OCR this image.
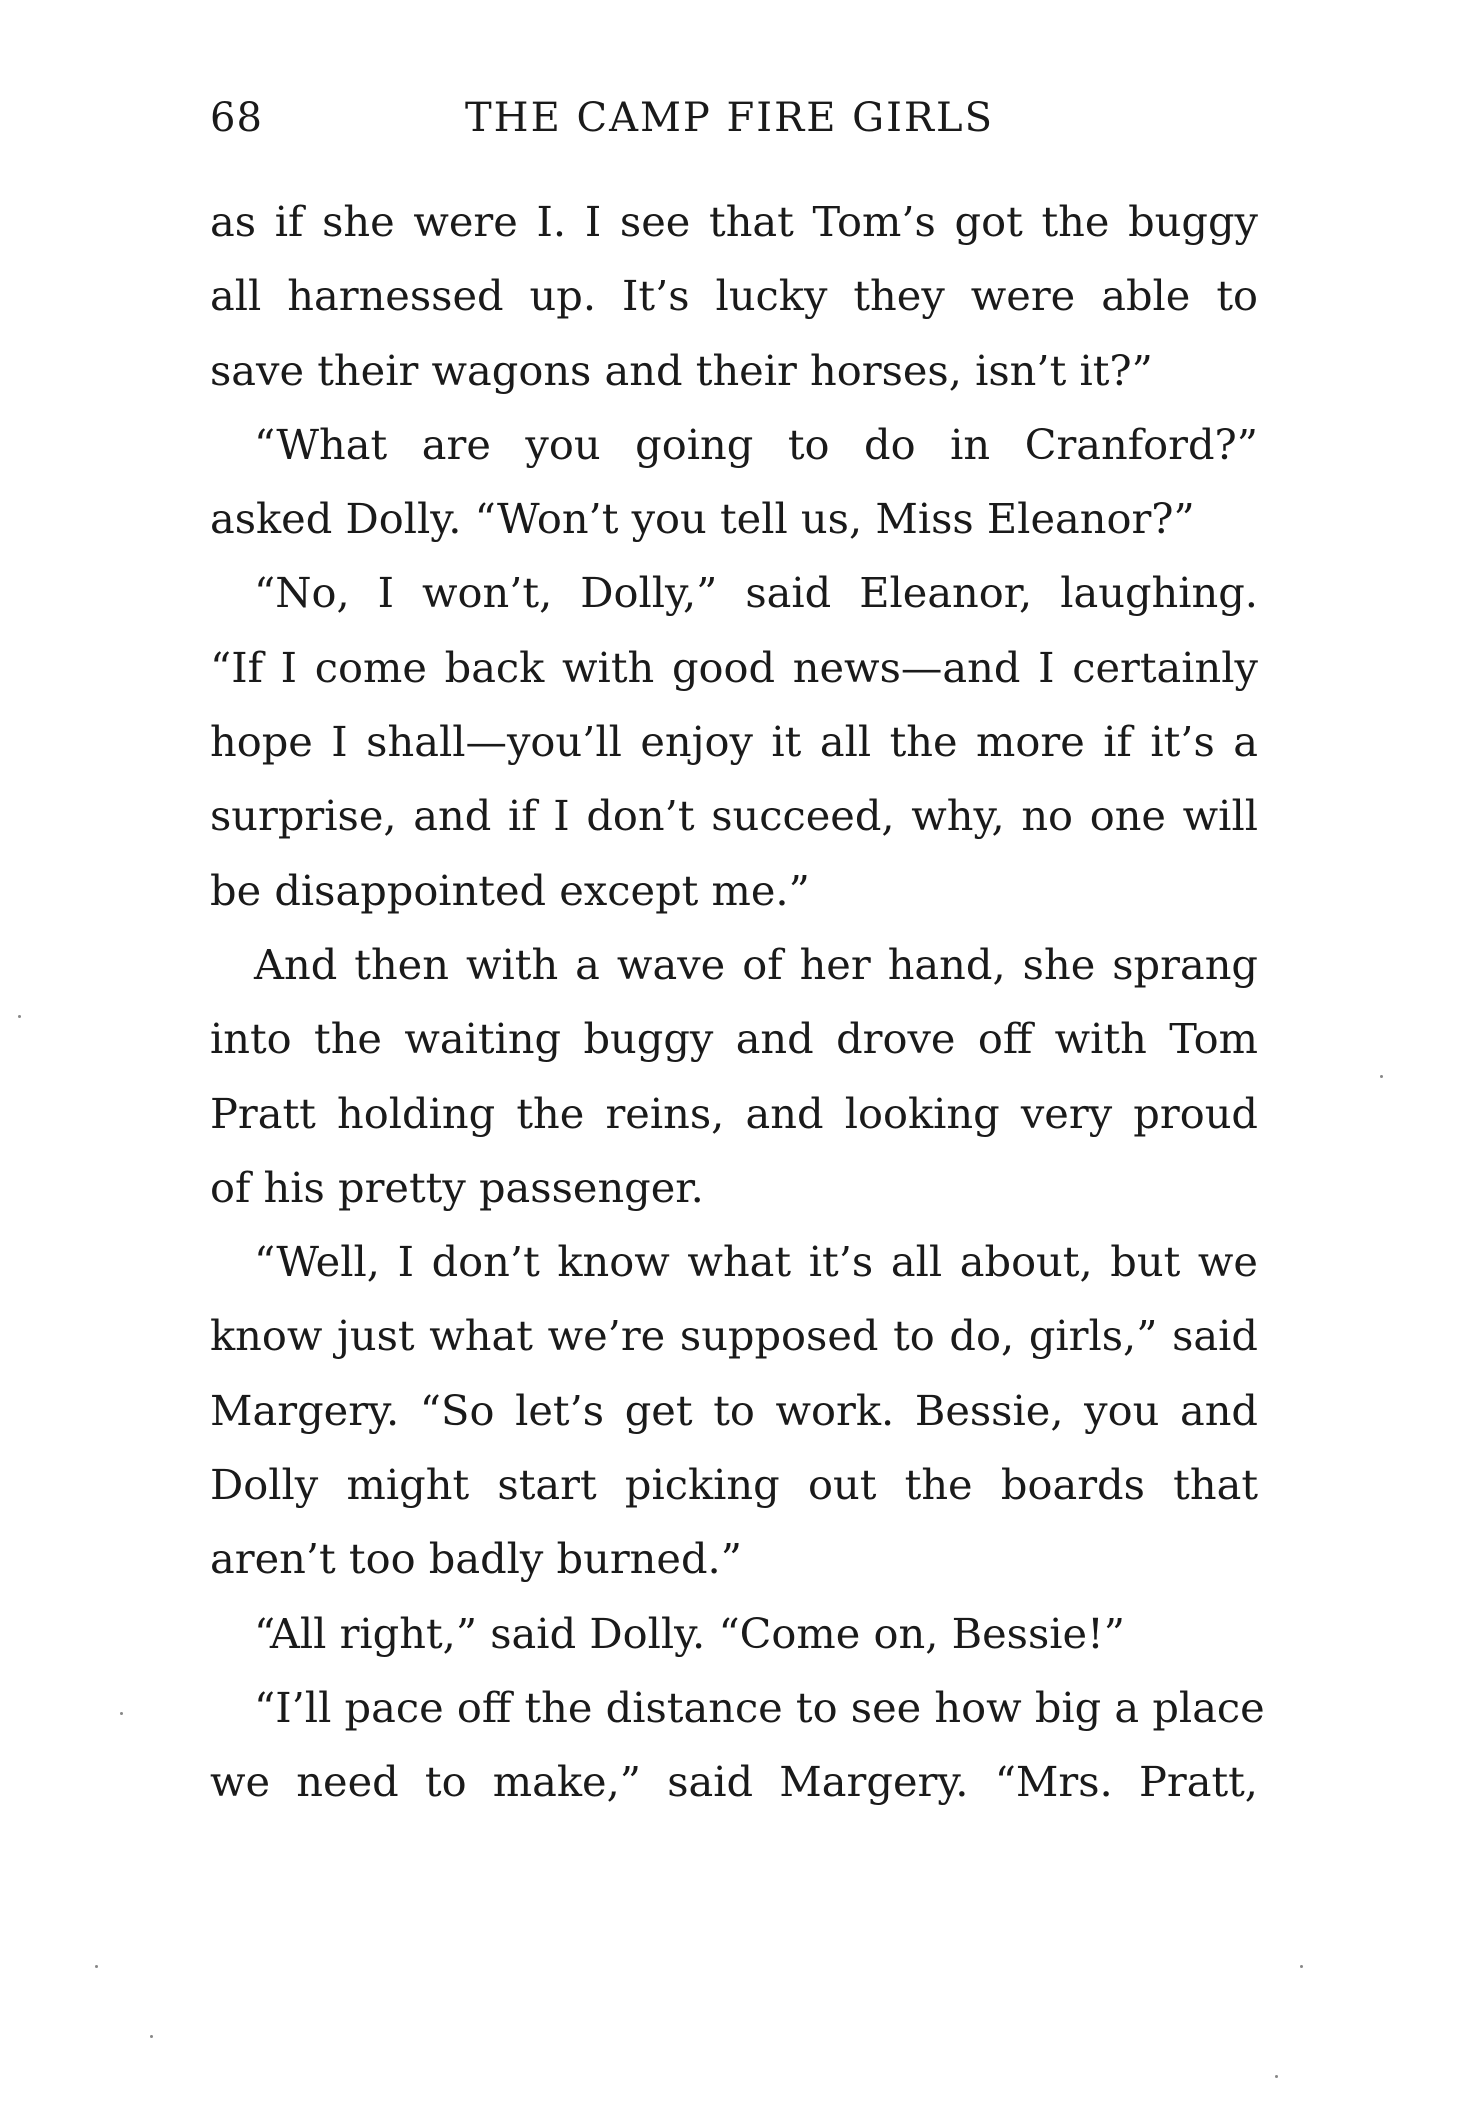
68	THE CAMP FIRE GIRLS
as if she were I. I see that Tom’s got the buggy
all harnessed up. It’s lucky they were able to
save their wagons and their horses, isn’t it?”
“What are you going to do in Cranford?”
asked Dolly. “Won’t you tell us, Miss Eleanor?”
“No, I won’t, Dolly,” said Eleanor, laughing.
“If I come back with good news—and I certainly
hope I shall—you’ll enjoy it all the more if it’s a
surprise, and if I don’t succeed, why, no one will
be disappointed except me.”
And then with a wave of her hand, she sprang
into the waiting buggy and drove off with Tom
Pratt holding the reins, and looking very proud
of his pretty passenger.
“Well, I don’t know what it’s all about, but we
know just what we’re supposed to do, girls,” said
Margery. “So let’s get to work. Bessie, you and
Dolly might start picking out the boards that
aren’t too badly burned.”
“All right,” said Dolly. “Come on, Bessie!”
“I’ll pace off the distance to see how big a place
we need to make,” said Margery. “Mrs. Pratt,
